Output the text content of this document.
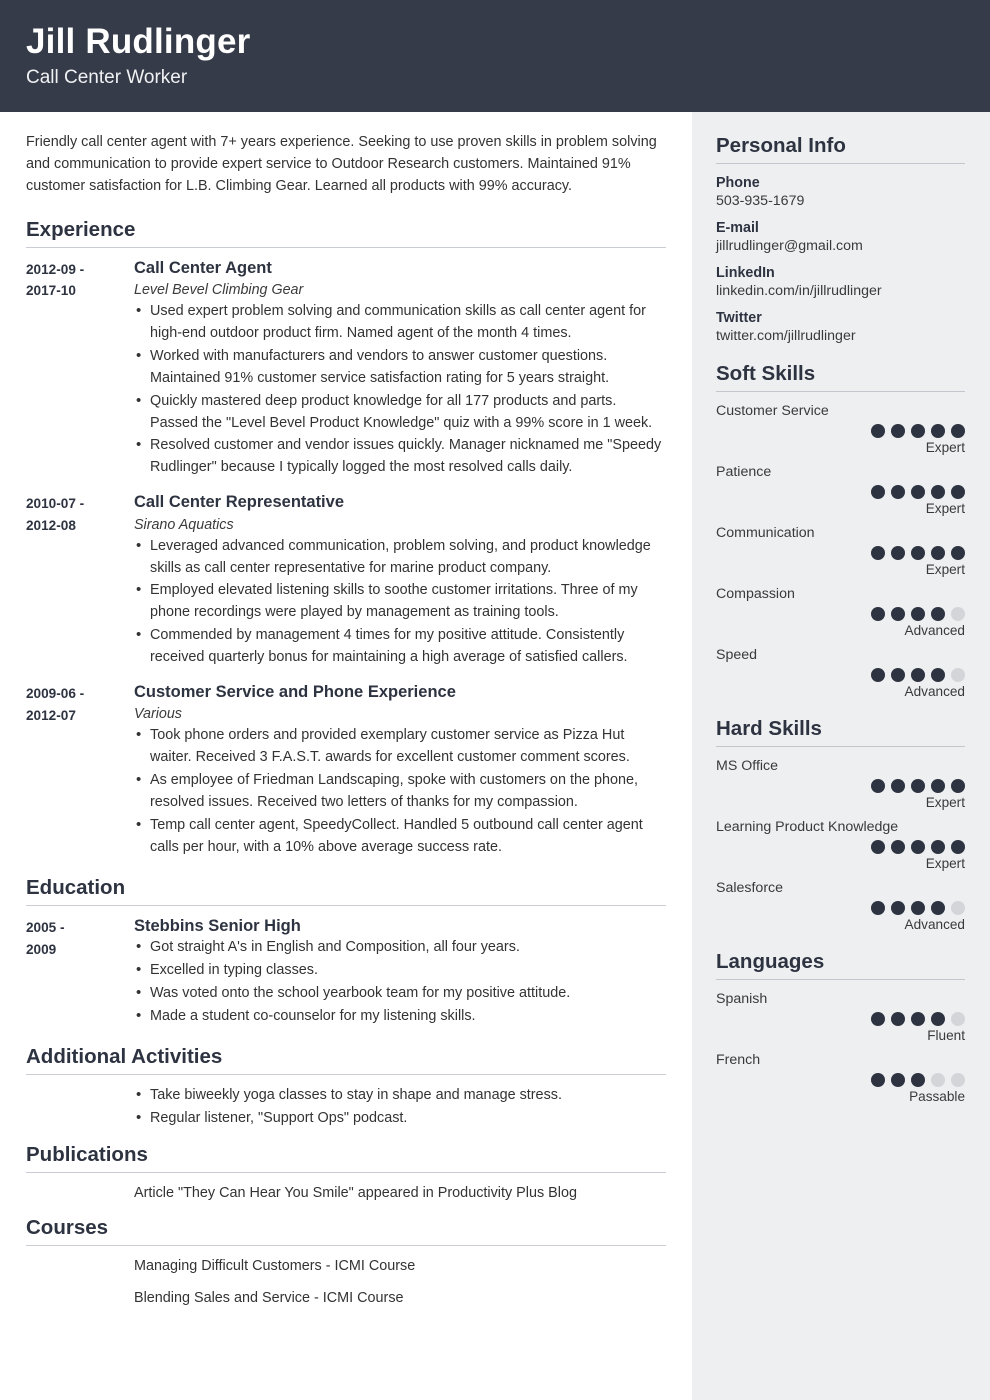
Jill Rudlinger
Call Center Worker
Friendly call center agent with 7+ years experience. Seeking to use proven skills in problem solving and communication to provide expert service to Outdoor Research customers. Maintained 91% customer satisfaction for L.B. Climbing Gear. Learned all products with 99% accuracy.
Experience
2012-09 -
2017-10
Call Center Agent
Level Bevel Climbing Gear
• Used expert problem solving and communication skills as call center agent for high-end outdoor product firm. Named agent of the month 4 times.
• Worked with manufacturers and vendors to answer customer questions. Maintained 91% customer service satisfaction rating for 5 years straight.
• Quickly mastered deep product knowledge for all 177 products and parts. Passed the "Level Bevel Product Knowledge" quiz with a 99% score in 1 week.
• Resolved customer and vendor issues quickly. Manager nicknamed me "Speedy Rudlinger" because I typically logged the most resolved calls daily.
2010-07 -
2012-08
Call Center Representative
Sirano Aquatics
• Leveraged advanced communication, problem solving, and product knowledge skills as call center representative for marine product company.
• Employed elevated listening skills to soothe customer irritations. Three of my phone recordings were played by management as training tools.
• Commended by management 4 times for my positive attitude. Consistently received quarterly bonus for maintaining a high average of satisfied callers.
2009-06 -
2012-07
Customer Service and Phone Experience
Various
• Took phone orders and provided exemplary customer service as Pizza Hut waiter. Received 3 F.A.S.T. awards for excellent customer comment scores.
• As employee of Friedman Landscaping, spoke with customers on the phone, resolved issues. Received two letters of thanks for my compassion.
• Temp call center agent, SpeedyCollect. Handled 5 outbound call center agent calls per hour, with a 10% above average success rate.
Education
2005 -
2009
Stebbins Senior High
• Got straight A's in English and Composition, all four years.
• Excelled in typing classes.
• Was voted onto the school yearbook team for my positive attitude.
• Made a student co-counselor for my listening skills.
Additional Activities
• Take biweekly yoga classes to stay in shape and manage stress.
• Regular listener, "Support Ops" podcast.
Publications
Article "They Can Hear You Smile" appeared in Productivity Plus Blog
Courses
Managing Difficult Customers - ICMI Course
Blending Sales and Service - ICMI Course
Personal Info
Phone
503-935-1679
E-mail
jillrudlinger@gmail.com
LinkedIn
linkedin.com/in/jillrudlinger
Twitter
twitter.com/jillrudlinger
Soft Skills
Customer Service
Expert
Patience
Expert
Communication
Expert
Compassion
Advanced
Speed
Advanced
Hard Skills
MS Office
Expert
Learning Product Knowledge
Expert
Salesforce
Advanced
Languages
Spanish
Fluent
French
Passable
